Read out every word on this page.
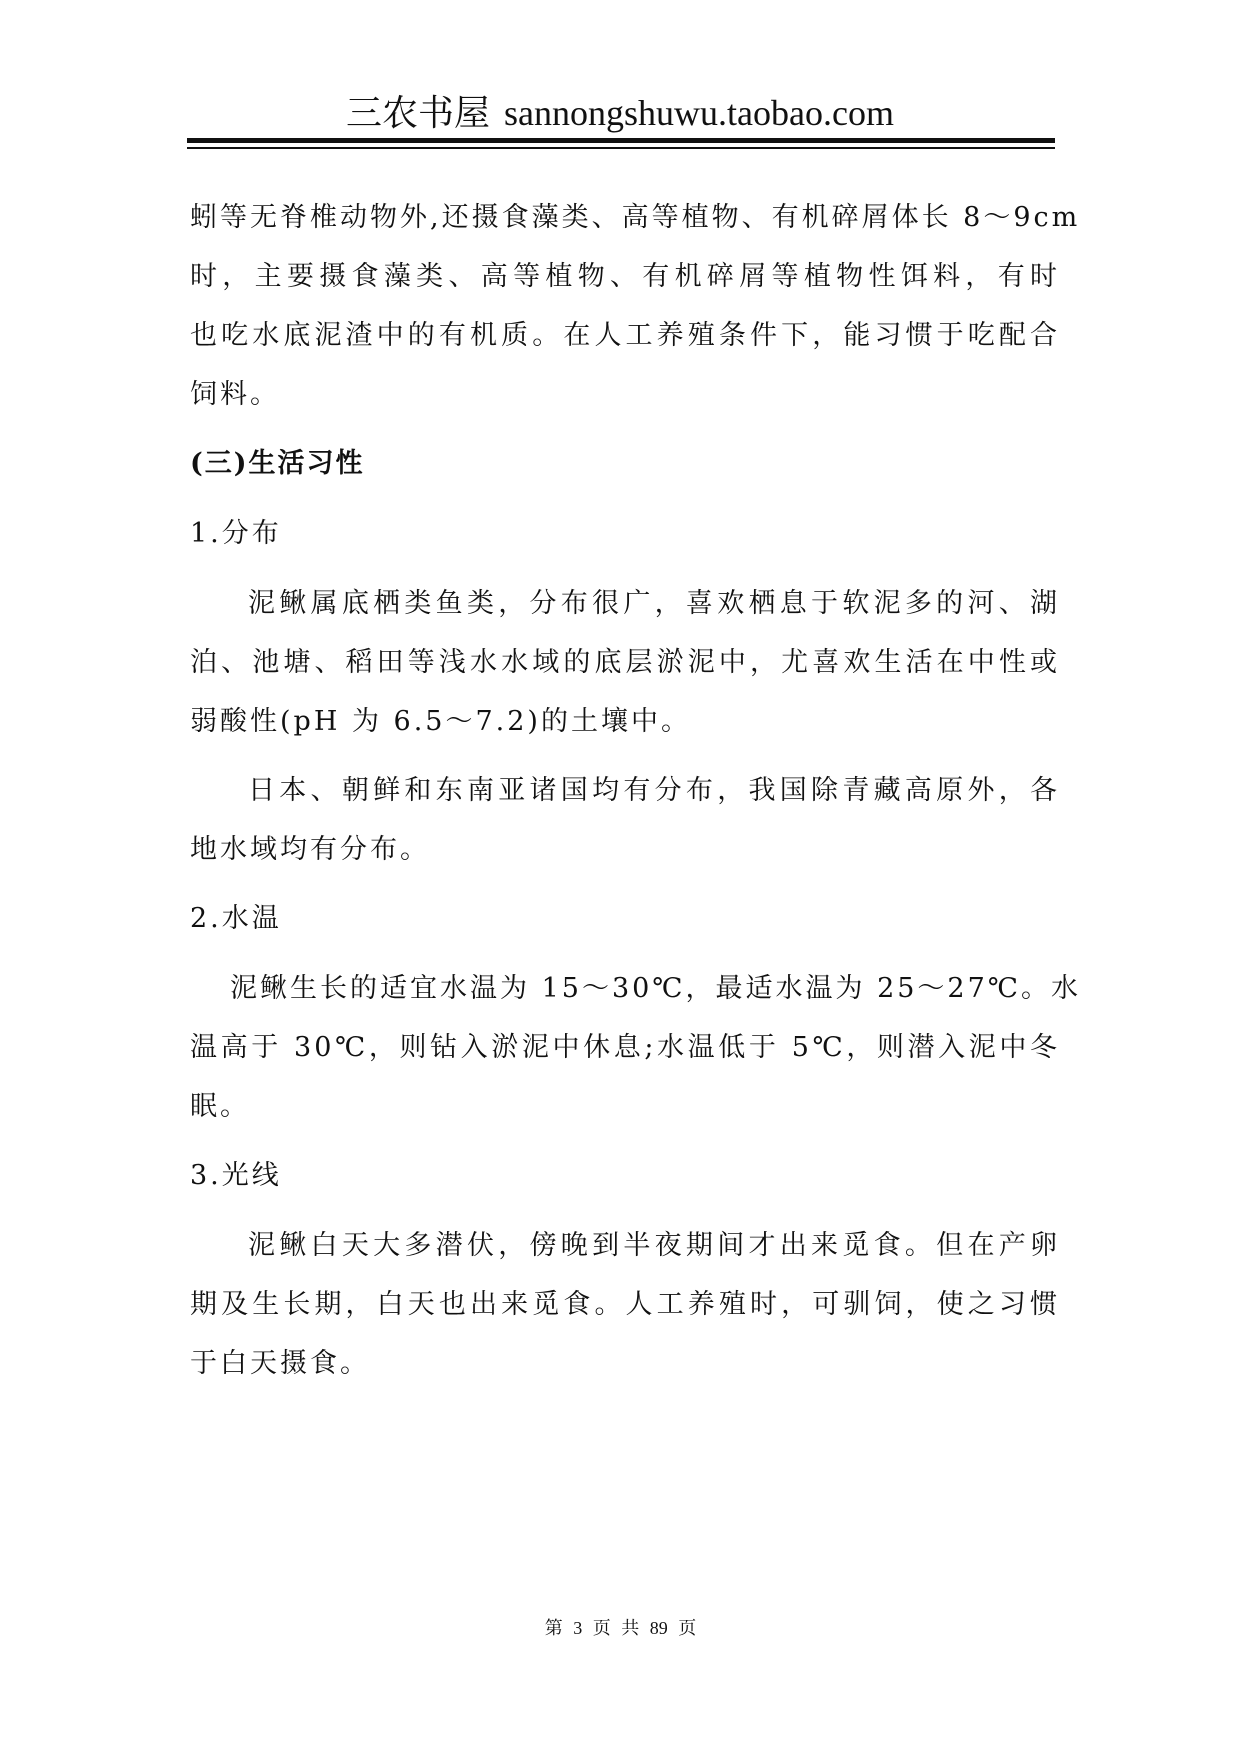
三农书屋 sannongshuwu.taobao.com
蚓等无脊椎动物外,还摄食藻类、高等植物、有机碎屑体长 8～9cm
时，主要摄食藻类、高等植物、有机碎屑等植物性饵料，有时
也吃水底泥渣中的有机质。在人工养殖条件下，能习惯于吃配合
饲料。
(三)生活习性
1.分布
泥鳅属底栖类鱼类，分布很广，喜欢栖息于软泥多的河、湖
泊、池塘、稻田等浅水水域的底层淤泥中，尤喜欢生活在中性或
弱酸性(pH 为 6.5～7.2)的土壤中。
日本、朝鲜和东南亚诸国均有分布，我国除青藏高原外，各
地水域均有分布。
2.水温
泥鳅生长的适宜水温为 15～30℃，最适水温为 25～27℃。水
温高于 30℃，则钻入淤泥中休息;水温低于 5℃，则潜入泥中冬
眠。
3.光线
泥鳅白天大多潜伏，傍晚到半夜期间才出来觅食。但在产卵
期及生长期，白天也出来觅食。人工养殖时，可驯饲，使之习惯
于白天摄食。
第 3 页 共 89 页
